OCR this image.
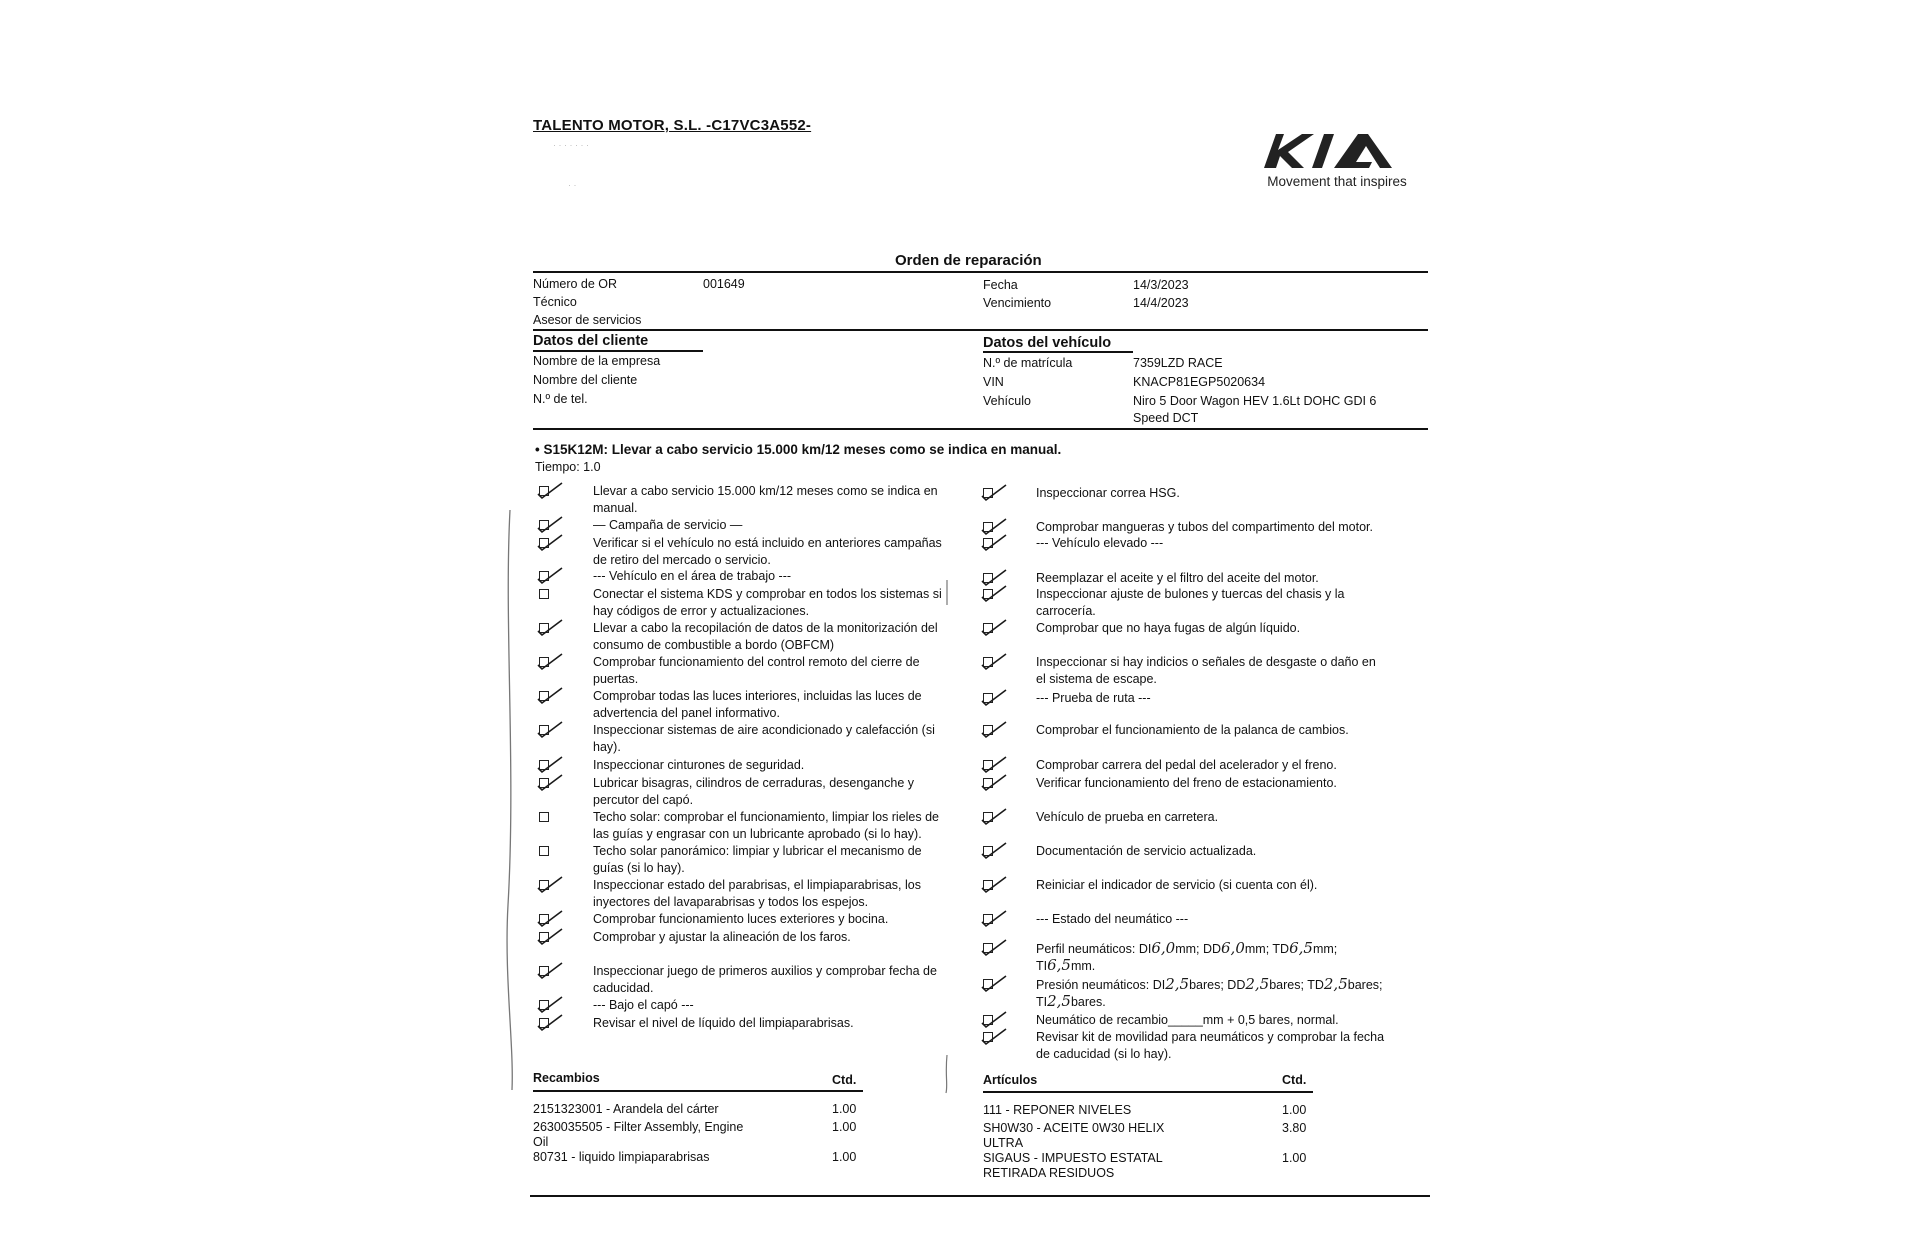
TALENTO MOTOR, S.L. -C17VC3A552-
· · · · · · ·
· ·	Movement that inspires
Orden de reparación
Número de OR	001649
Técnico
Asesor de servicios
Fecha	14/3/2023
Vencimiento	14/4/2023
Datos del cliente
Nombre de la empresa
Nombre del cliente
N.º de tel.
Datos del vehículo
N.º de matrícula	7359LZD RACE
VIN	KNACP81EGP5020634
Vehículo	Niro 5 Door Wagon HEV 1.6Lt DOHC GDI 6
Speed DCT
• S15K12M: Llevar a cabo servicio 15.000 km/12 meses como se indica en manual.
Tiempo: 1.0
Llevar a cabo servicio 15.000 km/12 meses como se indica en
manual.
— Campaña de servicio —
Verificar si el vehículo no está incluido en anteriores campañas
de retiro del mercado o servicio.
--- Vehículo en el área de trabajo ---
Conectar el sistema KDS y comprobar en todos los sistemas si
hay códigos de error y actualizaciones.
Llevar a cabo la recopilación de datos de la monitorización del
consumo de combustible a bordo (OBFCM)
Comprobar funcionamiento del control remoto del cierre de
puertas.
Comprobar todas las luces interiores, incluidas las luces de
advertencia del panel informativo.
Inspeccionar sistemas de aire acondicionado y calefacción (si
hay).
Inspeccionar cinturones de seguridad.
Lubricar bisagras, cilindros de cerraduras, desenganche y
percutor del capó.
Techo solar: comprobar el funcionamiento, limpiar los rieles de
las guías y engrasar con un lubricante aprobado (si lo hay).
Techo solar panorámico: limpiar y lubricar el mecanismo de
guías (si lo hay).
Inspeccionar estado del parabrisas, el limpiaparabrisas, los
inyectores del lavaparabrisas y todos los espejos.
Comprobar funcionamiento luces exteriores y bocina.
Comprobar y ajustar la alineación de los faros.
Inspeccionar juego de primeros auxilios y comprobar fecha de
caducidad.
--- Bajo el capó ---
Revisar el nivel de líquido del limpiaparabrisas.
Inspeccionar correa HSG.
Comprobar mangueras y tubos del compartimento del motor.
--- Vehículo elevado ---
Reemplazar el aceite y el filtro del aceite del motor.
Inspeccionar ajuste de bulones y tuercas del chasis y la
carrocería.
Comprobar que no haya fugas de algún líquido.
Inspeccionar si hay indicios o señales de desgaste o daño en
el sistema de escape.
--- Prueba de ruta ---
Comprobar el funcionamiento de la palanca de cambios.
Comprobar carrera del pedal del acelerador y el freno.
Verificar funcionamiento del freno de estacionamiento.
Vehículo de prueba en carretera.
Documentación de servicio actualizada.
Reiniciar el indicador de servicio (si cuenta con él).
--- Estado del neumático ---
Perfil neumáticos: DI6,0mm; DD6,0mm; TD6,5mm;
TI6,5mm.
Presión neumáticos: DI2,5bares; DD2,5bares; TD2,5bares;
TI2,5bares.
Neumático de recambio_____mm + 0,5 bares, normal.
Revisar kit de movilidad para neumáticos y comprobar la fecha
de caducidad (si lo hay).
Recambios	Ctd.
2151323001 - Arandela del cárter	1.00
2630035505 - Filter Assembly, Engine
Oil
1.00
80731 - liquido limpiaparabrisas	1.00
Artículos	Ctd.
111 - REPONER NIVELES	1.00
SH0W30 - ACEITE 0W30 HELIX
ULTRA
3.80
SIGAUS - IMPUESTO ESTATAL
RETIRADA RESIDUOS
1.00
